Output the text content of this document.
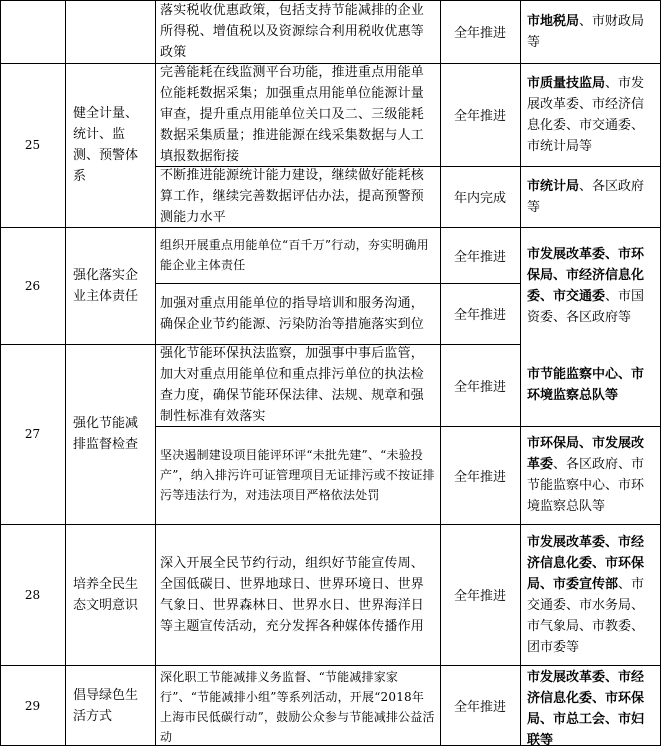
落实税收优惠政策，包括支持节能减排的企业所得税、增值税以及资源综合利用税收优惠等政策
全年推进
市地税局、市财政局等
25
健全计量、统计、监测、预警体系
完善能耗在线监测平台功能，推进重点用能单位能耗数据采集；加强重点用能单位能源计量审查，提升重点用能单位关口及二、三级能耗数据采集质量；推进能源在线采集数据与人工填报数据衔接
全年推进
市质量技监局、市发展改革委、市经济信息化委、市交通委、市统计局等
不断推进能源统计能力建设，继续做好能耗核算工作，继续完善数据评估办法，提高预警预测能力水平
年内完成
市统计局、各区政府等
26
强化落实企业主体责任
组织开展重点用能单位“百千万”行动，夯实明确用能企业主体责任
全年推进
加强对重点用能单位的指导培训和服务沟通，确保企业节约能源、污染防治等措施落实到位
全年推进
市发展改革委、市环保局、市经济信息化委、市交通委、市国资委、各区政府等
27
强化节能减排监督检查
强化节能环保执法监察，加强事中事后监管，加大对重点用能单位和重点排污单位的执法检查力度，确保节能环保法律、法规、规章和强制性标准有效落实
全年推进
市节能监察中心、市环境监察总队等
坚决遏制建设项目能评环评“未批先建”、“未验投产”，纳入排污许可证管理项目无证排污或不按证排污等违法行为，对违法项目严格依法处罚
全年推进
市环保局、市发展改革委、各区政府、市节能监察中心、市环境监察总队等
28
培养全民生态文明意识
深入开展全民节约行动，组织好节能宣传周、全国低碳日、世界地球日、世界环境日、世界气象日、世界森林日、世界水日、世界海洋日等主题宣传活动，充分发挥各种媒体传播作用
全年推进
市发展改革委、市经济信息化委、市环保局、市委宣传部、市交通委、市水务局、市气象局、市教委、团市委等
29
倡导绿色生活方式
深化职工节能减排义务监督、“节能减排家家行”、“节能减排小组”等系列活动，开展“2018年上海市民低碳行动”，鼓励公众参与节能减排公益活动
全年推进
市发展改革委、市经济信息化委、市环保局、市总工会、市妇联等
